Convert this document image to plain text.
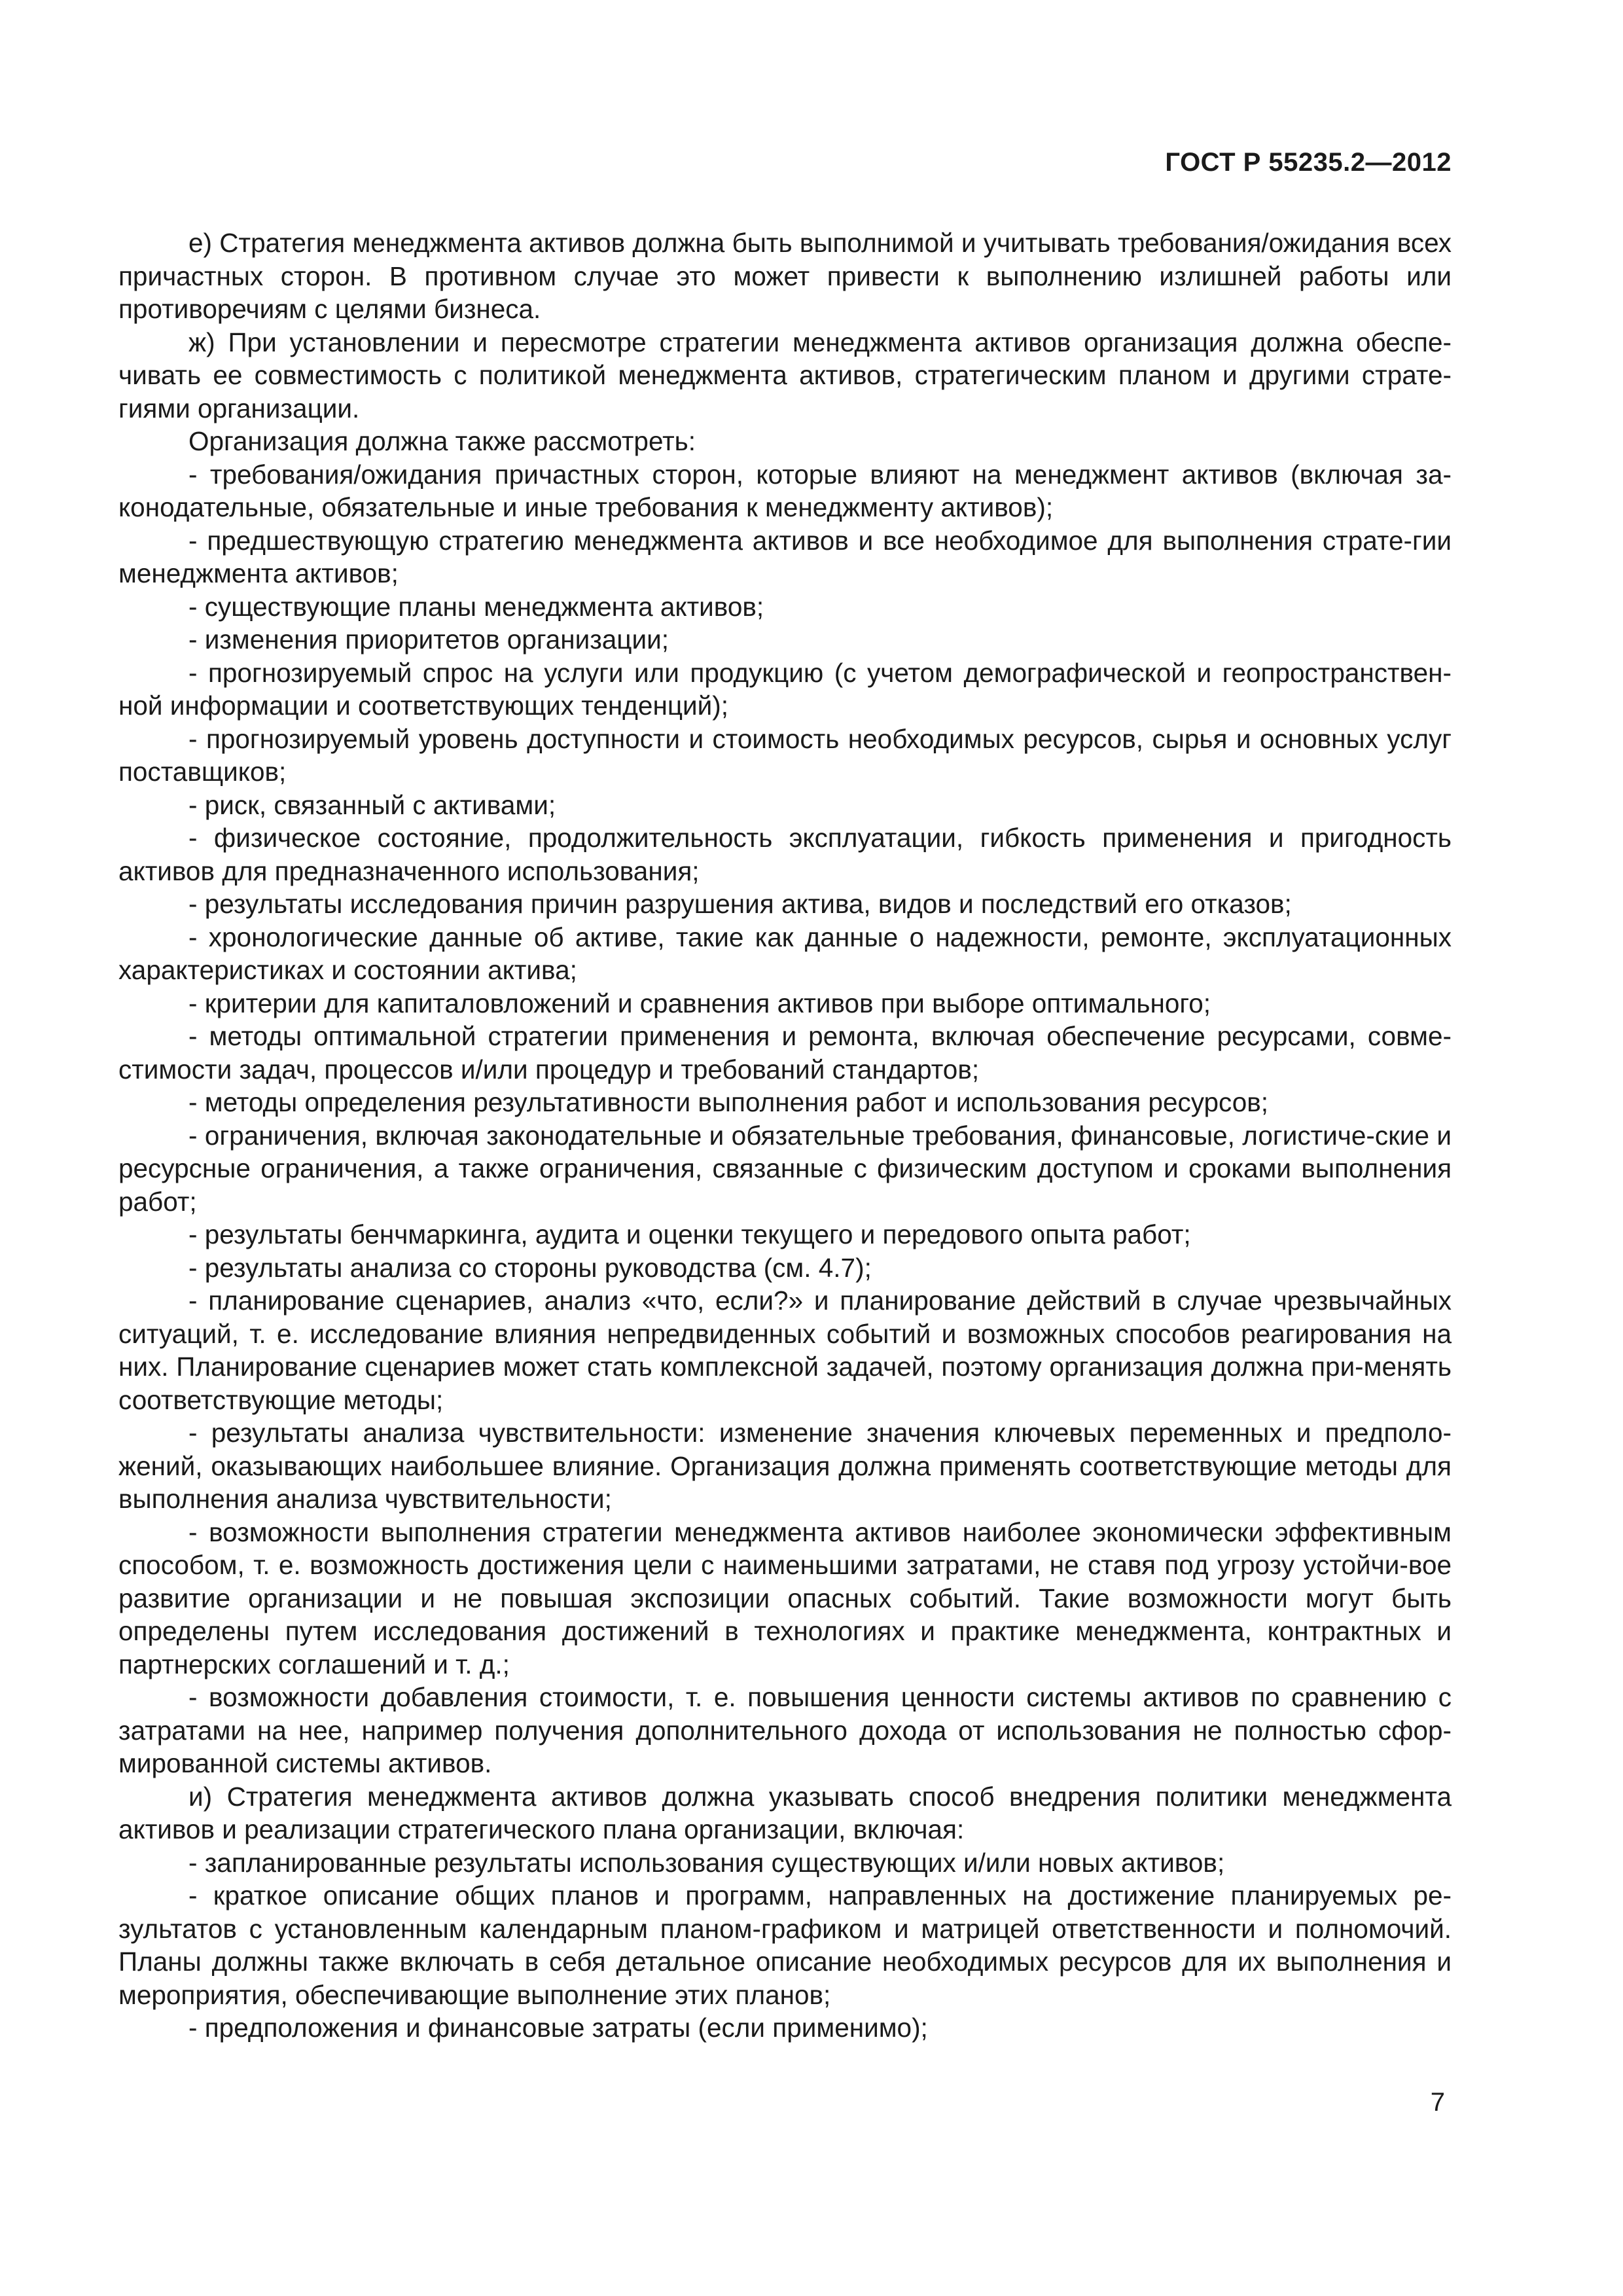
ГОСТ Р 55235.2—2012

е) Стратегия менеджмента активов должна быть выполнимой и учитывать требования/ожидания всех причастных сторон. В противном случае это может привести к выполнению излишней работы или противоречиям с целями бизнеса.

ж) При установлении и пересмотре стратегии менеджмента активов организация должна обеспе-чивать ее совместимость с политикой менеджмента активов, стратегическим планом и другими страте-гиями организации.

Организация должна также рассмотреть:

- требования/ожидания причастных сторон, которые влияют на менеджмент активов (включая за-конодательные, обязательные и иные требования к менеджменту активов);

- предшествующую стратегию менеджмента активов и все необходимое для выполнения страте-гии менеджмента активов;

- существующие планы менеджмента активов;

- изменения приоритетов организации;

- прогнозируемый спрос на услуги или продукцию (с учетом демографической и геопространствен-ной информации и соответствующих тенденций);

- прогнозируемый уровень доступности и стоимость необходимых ресурсов, сырья и основных услуг поставщиков;

- риск, связанный с активами;

- физическое состояние, продолжительность эксплуатации, гибкость применения и пригодность активов для предназначенного использования;

- результаты исследования причин разрушения актива, видов и последствий его отказов;

- хронологические данные об активе, такие как данные о надежности, ремонте, эксплуатационных характеристиках и состоянии актива;

- критерии для капиталовложений и сравнения активов при выборе оптимального;

- методы оптимальной стратегии применения и ремонта, включая обеспечение ресурсами, совме-стимости задач, процессов и/или процедур и требований стандартов;

- методы определения результативности выполнения работ и использования ресурсов;

- ограничения, включая законодательные и обязательные требования, финансовые, логистиче-ские и ресурсные ограничения, а также ограничения, связанные с физическим доступом и сроками выполнения работ;

- результаты бенчмаркинга, аудита и оценки текущего и передового опыта работ;

- результаты анализа со стороны руководства (см. 4.7);

- планирование сценариев, анализ «что, если?» и планирование действий в случае чрезвычайных ситуаций, т. е. исследование влияния непредвиденных событий и возможных способов реагирования на них. Планирование сценариев может стать комплексной задачей, поэтому организация должна при-менять соответствующие методы;

- результаты анализа чувствительности: изменение значения ключевых переменных и предполо-жений, оказывающих наибольшее влияние. Организация должна применять соответствующие методы для выполнения анализа чувствительности;

- возможности выполнения стратегии менеджмента активов наиболее экономически эффективным способом, т. е. возможность достижения цели с наименьшими затратами, не ставя под угрозу устойчи-вое развитие организации и не повышая экспозиции опасных событий. Такие возможности могут быть определены путем исследования достижений в технологиях и практике менеджмента, контрактных и партнерских соглашений и т. д.;

- возможности добавления стоимости, т. е. повышения ценности системы активов по сравнению с затратами на нее, например получения дополнительного дохода от использования не полностью сфор-мированной системы активов.

и) Стратегия менеджмента активов должна указывать способ внедрения политики менеджмента активов и реализации стратегического плана организации, включая:

- запланированные результаты использования существующих и/или новых активов;

- краткое описание общих планов и программ, направленных на достижение планируемых ре-зультатов с установленным календарным планом-графиком и матрицей ответственности и полномочий. Планы должны также включать в себя детальное описание необходимых ресурсов для их выполнения и мероприятия, обеспечивающие выполнение этих планов;

- предположения и финансовые затраты (если применимо);

7
